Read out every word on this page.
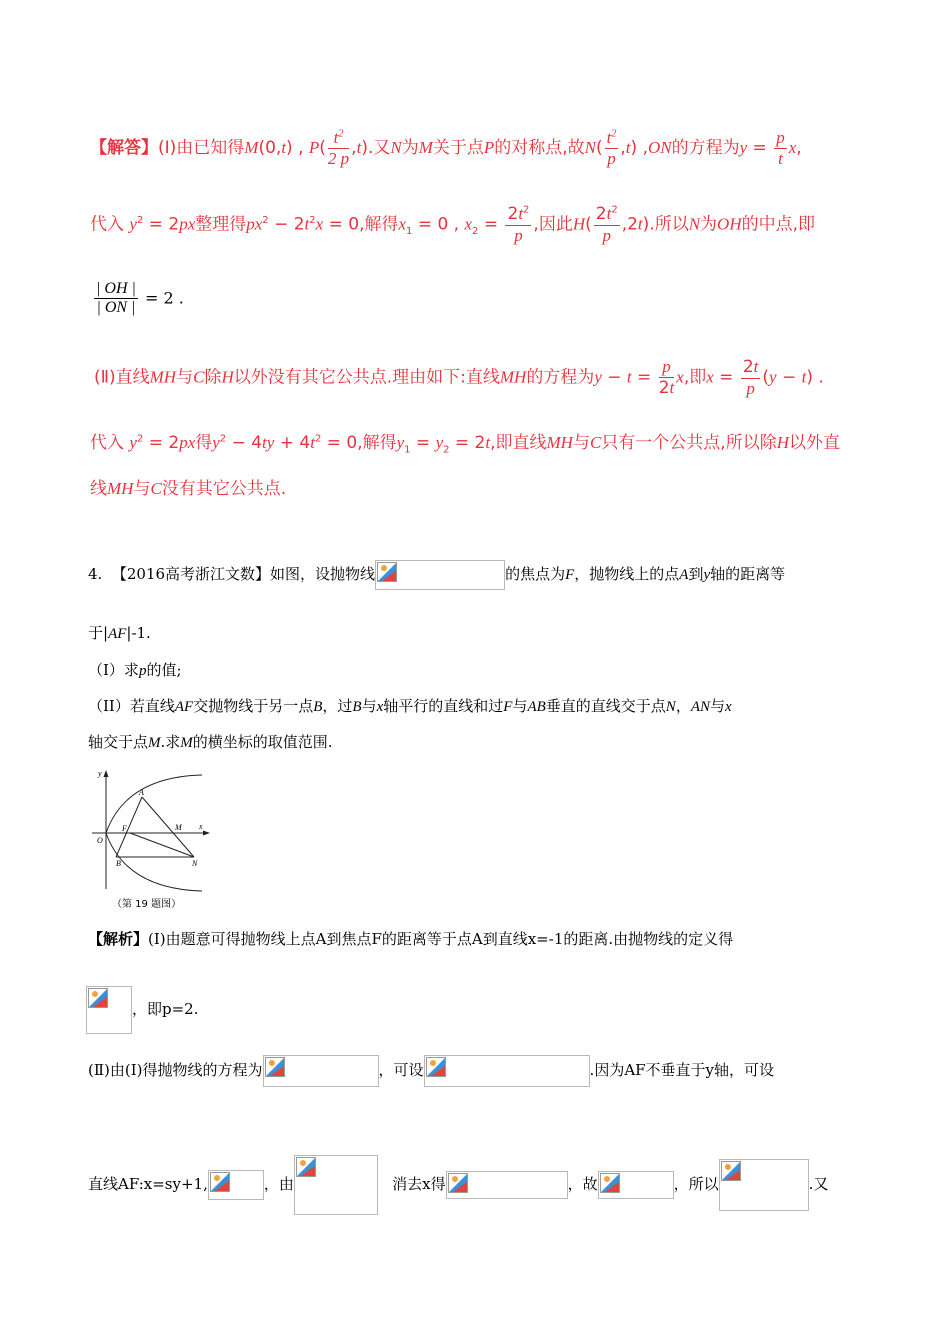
【解答】(Ⅰ)由已知得M(0,t) , $P( \frac{t^2}{2 p} ,t)$.又N为M关于点P的对称点,故$N( \frac{t^2}{p} ,t)$ ,ON的方程为$y = \frac{p}{t} x$,
代入 $y^2 = 2px$整理得$px^2 - 2t^2x = 0$,解得$x_1 = 0$ , $x_2 = \frac{2t^2}{p}$ ,因此$H( \frac{2t^2}{p} ,2t)$.所以N为OH的中点,即
$\frac{| OH |}{| ON |} = 2$ .
(Ⅱ)直线MH与C除H以外没有其它公共点.理由如下:直线MH的方程为$y - t = \frac{p}{2t} x$,即$x = \frac{2t}{p} (y - t)$ .
代入 $y^2 = 2px$得$y^2 - 4ty + 4t^2 = 0$,解得$y_1 = y_2 = 2t$,即直线MH与C只有一个公共点,所以除H以外直
线MH与C没有其它公共点.
4. 【2016高考浙江文数】如图，设抛物线	的焦点为F，抛物线上的点A到y轴的距离等
于|AF|-1.
（I）求p的值;
（II）若直线AF交抛物线于另一点B，过B与x轴平行的直线和过F与AB垂直的直线交于点N，AN与x
轴交于点M.求M的横坐标的取值范围.
y
x
O
A
F	M
B	N
（第 19 题图）
【解析】(Ⅰ)由题意可得抛物线上点A到焦点F的距离等于点A到直线x=-1的距离.由抛物线的定义得
，即p=2.
(Ⅱ)由(Ⅰ)得抛物线的方程为	，可设	.因为AF不垂直于y轴，可设
直线AF:x=sy+1,	，由	消去x得	，故	，所以	.又
